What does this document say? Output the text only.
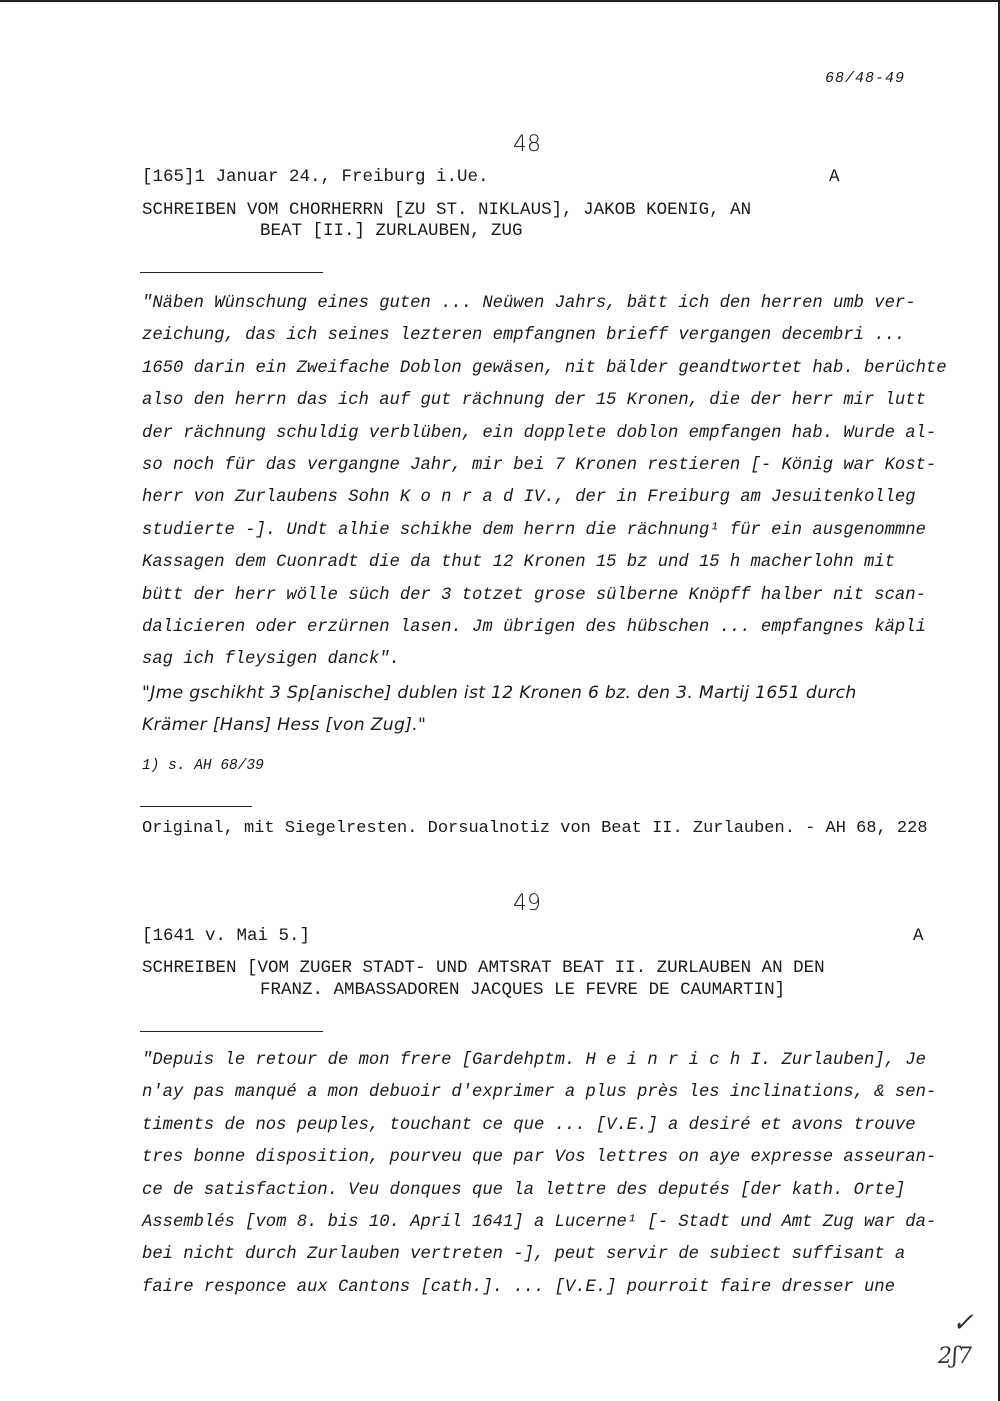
68/48-49
48
[165]1 Januar 24., Freiburg i.Ue.	A
SCHREIBEN VOM CHORHERRN [ZU ST. NIKLAUS], JAKOB KOENIG, AN
BEAT [II.] ZURLAUBEN, ZUG
"Näben Wünschung eines guten ... Neüwen Jahrs, bätt ich den herren umb ver-
zeichung, das ich seines lezteren empfangnen brieff vergangen decembri ...
1650 darin ein Zweifache Doblon gewäsen, nit bälder geandtwortet hab. berüchte
also den herrn das ich auf gut rächnung der 15 Kronen, die der herr mir lutt
der rächnung schuldig verblüben, ein dopplete doblon empfangen hab. Wurde al-
so noch für das vergangne Jahr, mir bei 7 Kronen restieren [- König war Kost-
herr von Zurlaubens Sohn K o n r a d IV., der in Freiburg am Jesuitenkolleg
studierte -]. Undt alhie schikhe dem herrn die rächnung¹ für ein ausgenommne
Kassagen dem Cuonradt die da thut 12 Kronen 15 bz und 15 h macherlohn mit
bütt der herr wölle süch der 3 totzet grose sülberne Knöpff halber nit scan-
dalicieren oder erzürnen lasen. Jm übrigen des hübschen ... empfangnes käpli
sag ich fleysigen danck".
"Jme gschikht 3 Sp[anische] dublen ist 12 Kronen 6 bz. den 3. Martij 1651 durch
Krämer [Hans] Hess [von Zug]."
1) s. AH 68/39
Original, mit Siegelresten. Dorsualnotiz von Beat II. Zurlauben. - AH 68, 228
49
[1641 v. Mai 5.]	A
SCHREIBEN [VOM ZUGER STADT- UND AMTSRAT BEAT II. ZURLAUBEN AN DEN
FRANZ. AMBASSADOREN JACQUES LE FEVRE DE CAUMARTIN]
"Depuis le retour de mon frere [Gardehptm. H e i n r i c h I. Zurlauben], Je
n'ay pas manqué a mon debuoir d'exprimer a plus près les inclinations, & sen-
timents de nos peuples, touchant ce que ... [V.E.] a desiré et avons trouve
tres bonne disposition, pourveu que par Vos lettres on aye expresse asseuran-
ce de satisfaction. Veu donques que la lettre des deputés [der kath. Orte]
Assemblés [vom 8. bis 10. April 1641] a Lucerne¹ [- Stadt und Amt Zug war da-
bei nicht durch Zurlauben vertreten -], peut servir de subiect suffisant a
faire responce aux Cantons [cath.]. ... [V.E.] pourroit faire dresser une
✓
2ʃ7
